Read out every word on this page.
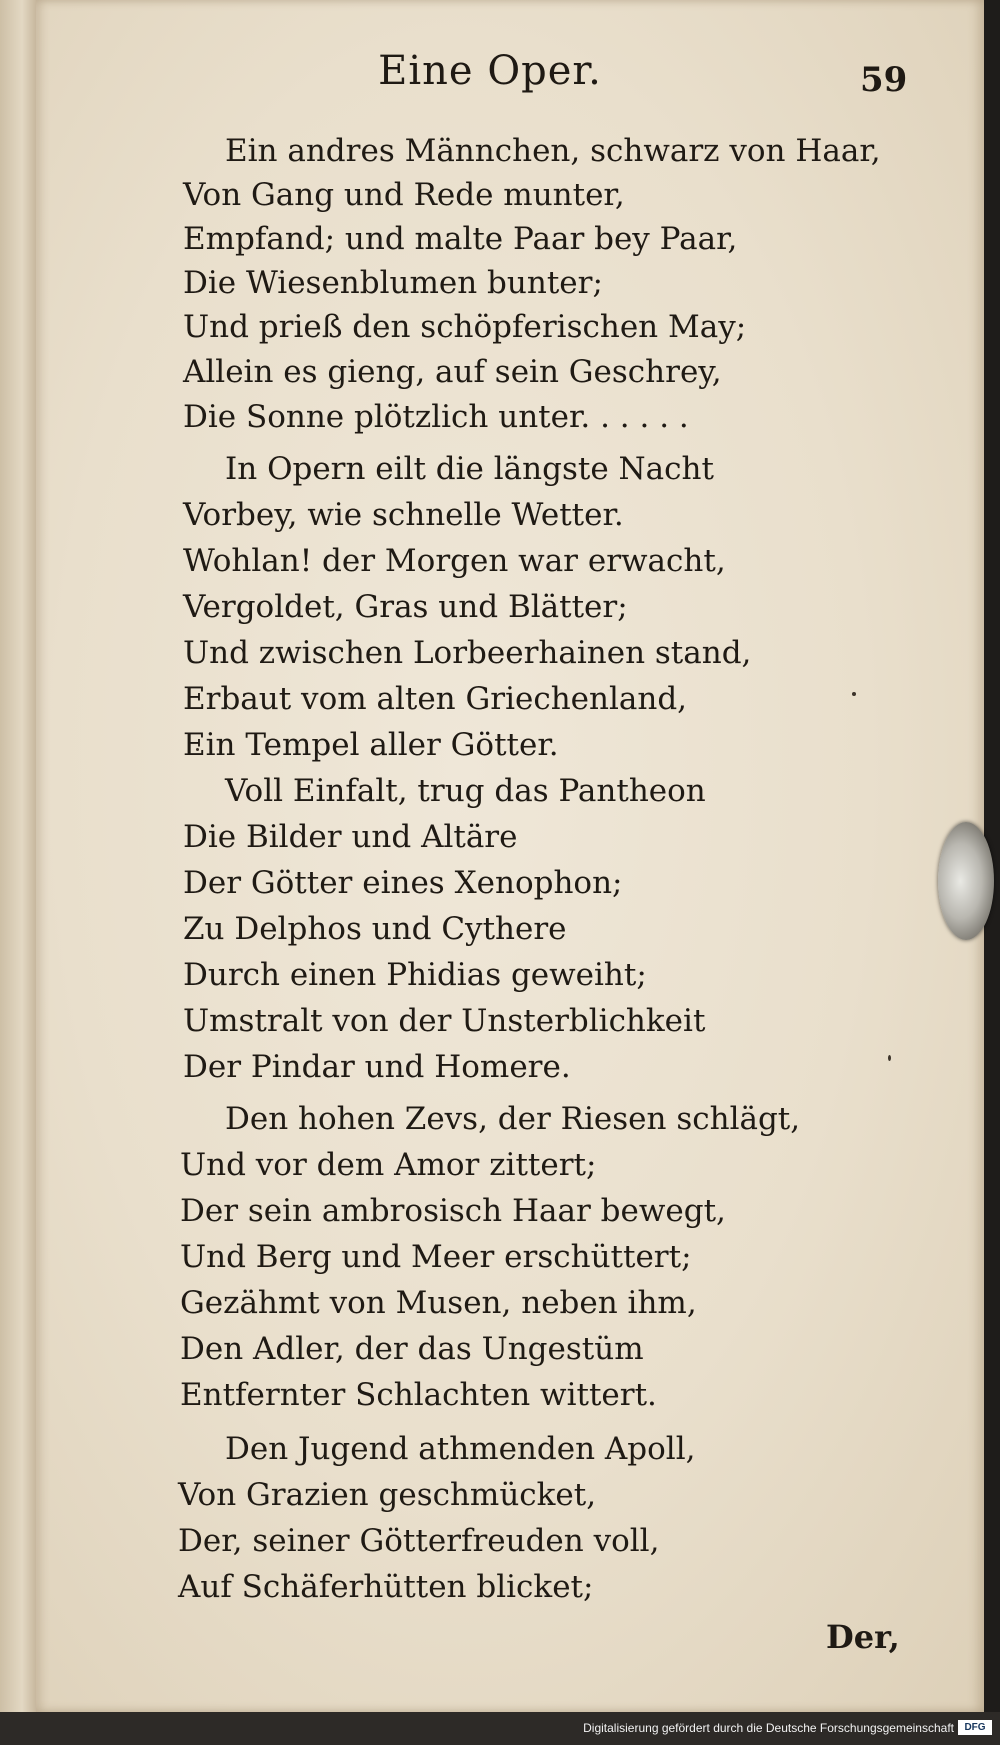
Eine Oper.	59
Ein andres Männchen, schwarz von Haar,
Von Gang und Rede munter,
Empfand; und malte Paar bey Paar,
Die Wiesenblumen bunter;
Und prieß den schöpferischen May;
Allein es gieng, auf sein Geschrey,
Die Sonne plötzlich unter. . . . . .
In Opern eilt die längste Nacht
Vorbey, wie schnelle Wetter.
Wohlan! der Morgen war erwacht,
Vergoldet, Gras und Blätter;
Und zwischen Lorbeerhainen stand,
Erbaut vom alten Griechenland,
Ein Tempel aller Götter.
Voll Einfalt, trug das Pantheon
Die Bilder und Altäre
Der Götter eines Xenophon;
Zu Delphos und Cythere
Durch einen Phidias geweiht;
Umstralt von der Unsterblichkeit
Der Pindar und Homere.
Den hohen Zevs, der Riesen schlägt,
Und vor dem Amor zittert;
Der sein ambrosisch Haar bewegt,
Und Berg und Meer erschüttert;
Gezähmt von Musen, neben ihm,
Den Adler, der das Ungestüm
Entfernter Schlachten wittert.
Den Jugend athmenden Apoll,
Von Grazien geschmücket,
Der, seiner Götterfreuden voll,
Auf Schäferhütten blicket;
Der,
Digitalisierung gefördert durch die Deutsche Forschungsgemeinschaft	DFG
